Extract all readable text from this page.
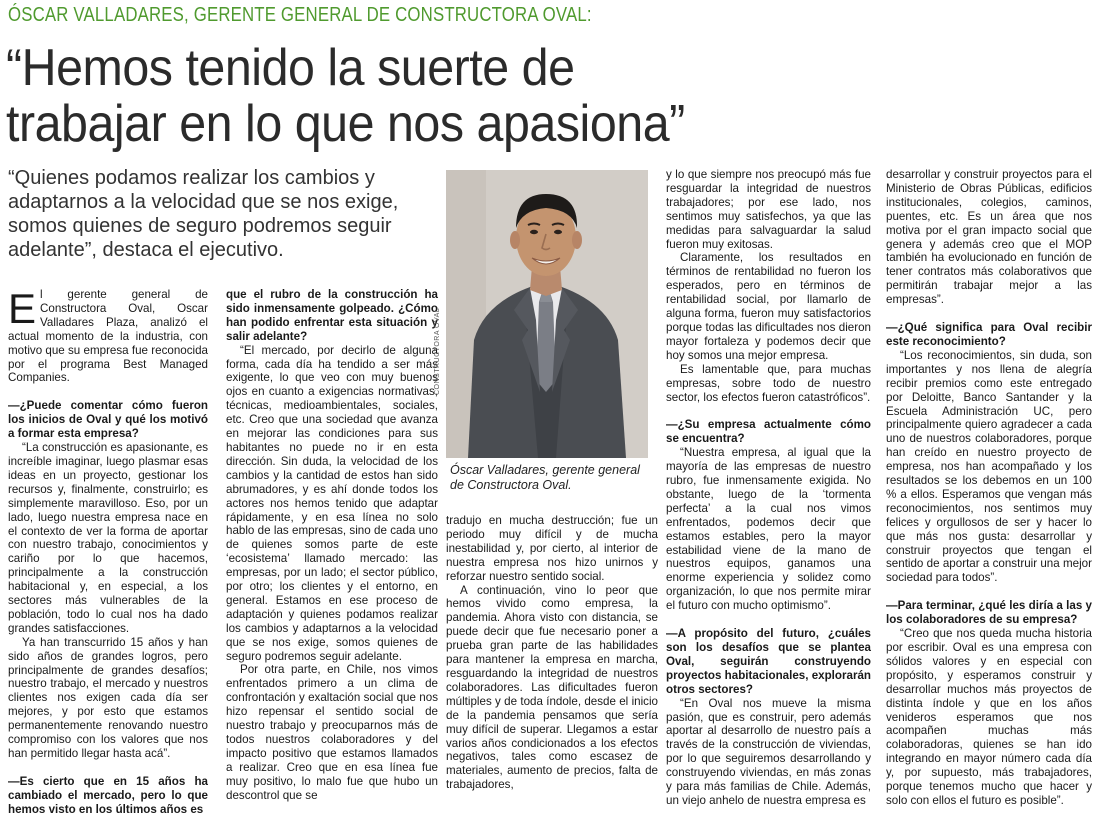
ÓSCAR VALLADARES, GERENTE GENERAL DE CONSTRUCTORA OVAL:
“Hemos tenido la suerte de
trabajar en lo que nos apasiona”
“Quienes podamos realizar los cambios y adaptarnos a la velocidad que se nos exige, somos quienes de seguro podremos seguir adelante”, destaca el ejecutivo.

El gerente general de Constructora Oval, Oscar Valladares Plaza, analizó el actual momento de la industria, con motivo que su empresa fue reconocida por el programa Best Managed Companies.

—¿Puede comentar cómo fueron los inicios de Oval y qué los motivó a formar esta empresa?

“La construcción es apasionante, es increíble imaginar, luego plasmar esas ideas en un proyecto, gestionar los recursos y, finalmente, construirlo; es simplemente maravilloso. Eso, por un lado, luego nuestra empresa nace en el contexto de ver la forma de aportar con nuestro trabajo, conocimientos y cariño por lo que hacemos, principalmente a la construcción habitacional y, en especial, a los sectores más vulnerables de la población, todo lo cual nos ha dado grandes satisfacciones.

Ya han transcurrido 15 años y han sido años de grandes logros, pero principalmente de grandes desafíos; nuestro trabajo, el mercado y nuestros clientes nos exigen cada día ser mejores, y por esto que estamos permanentemente renovando nuestro compromiso con los valores que nos han permitido llegar hasta acá”.

—Es cierto que en 15 años ha cambiado el mercado, pero lo que hemos visto en los últimos años es

que el rubro de la construcción ha sido inmensamente golpeado. ¿Cómo han podido enfrentar esta situación y salir adelante?

“El mercado, por decirlo de alguna forma, cada día ha tendido a ser más exigente, lo que veo con muy buenos ojos en cuanto a exigencias normativas, técnicas, medioambientales, sociales, etc. Creo que una sociedad que avanza en mejorar las condiciones para sus habitantes no puede no ir en esta dirección. Sin duda, la velocidad de los cambios y la cantidad de estos han sido abrumadores, y es ahí donde todos los actores nos hemos tenido que adaptar rápidamente, y en esa línea no solo hablo de las empresas, sino de cada uno de quienes somos parte de este ‘ecosistema’ llamado mercado: las empresas, por un lado; el sector público, por otro; los clientes y el entorno, en general. Estamos en ese proceso de adaptación y quienes podamos realizar los cambios y adaptarnos a la velocidad que se nos exige, somos quienes de seguro podremos seguir adelante.

Por otra parte, en Chile, nos vimos enfrentados primero a un clima de confrontación y exaltación social que nos hizo repensar el sentido social de nuestro trabajo y preocuparnos más de todos nuestros colaboradores y del impacto positivo que estamos llamados a realizar. Creo que en esa línea fue muy positivo, lo malo fue que hubo un descontrol que se

CONSTRUCTORA OVAL
Óscar Valladares, gerente general de Constructora Oval.

tradujo en mucha destrucción; fue un periodo muy difícil y de mucha inestabilidad y, por cierto, al interior de nuestra empresa nos hizo unirnos y reforzar nuestro sentido social.

A continuación, vino lo peor que hemos vivido como empresa, la pandemia. Ahora visto con distancia, se puede decir que fue necesario poner a prueba gran parte de las habilidades para mantener la empresa en marcha, resguardando la integridad de nuestros colaboradores. Las dificultades fueron múltiples y de toda índole, desde el inicio de la pandemia pensamos que sería muy difícil de superar. Llegamos a estar varios años condicionados a los efectos negativos, tales como escasez de materiales, aumento de precios, falta de trabajadores,

y lo que siempre nos preocupó más fue resguardar la integridad de nuestros trabajadores; por ese lado, nos sentimos muy satisfechos, ya que las medidas para salvaguardar la salud fueron muy exitosas.

Claramente, los resultados en términos de rentabilidad no fueron los esperados, pero en términos de rentabilidad social, por llamarlo de alguna forma, fueron muy satisfactorios porque todas las dificultades nos dieron mayor fortaleza y podemos decir que hoy somos una mejor empresa.

Es lamentable que, para muchas empresas, sobre todo de nuestro sector, los efectos fueron catastróficos”.

—¿Su empresa actualmente cómo se encuentra?

“Nuestra empresa, al igual que la mayoría de las empresas de nuestro rubro, fue inmensamente exigida. No obstante, luego de la ‘tormenta perfecta’ a la cual nos vimos enfrentados, podemos decir que estamos estables, pero la mayor estabilidad viene de la mano de nuestros equipos, ganamos una enorme experiencia y solidez como organización, lo que nos permite mirar el futuro con mucho optimismo”.

—A propósito del futuro, ¿cuáles son los desafíos que se plantea Oval, seguirán construyendo proyectos habitacionales, explorarán otros sectores?

“En Oval nos mueve la misma pasión, que es construir, pero además aportar al desarrollo de nuestro país a través de la construcción de viviendas, por lo que seguiremos desarrollando y construyendo viviendas, en más zonas y para más familias de Chile. Además, un viejo anhelo de nuestra empresa es

desarrollar y construir proyectos para el Ministerio de Obras Públicas, edificios institucionales, colegios, caminos, puentes, etc. Es un área que nos motiva por el gran impacto social que genera y además creo que el MOP también ha evolucionado en función de tener contratos más colaborativos que permitirán trabajar mejor a las empresas”.

—¿Qué significa para Oval recibir este reconocimiento?

“Los reconocimientos, sin duda, son importantes y nos llena de alegría recibir premios como este entregado por Deloitte, Banco Santander y la Escuela Administración UC, pero principalmente quiero agradecer a cada uno de nuestros colaboradores, porque han creído en nuestro proyecto de empresa, nos han acompañado y los resultados se los debemos en un 100 % a ellos. Esperamos que vengan más reconocimientos, nos sentimos muy felices y orgullosos de ser y hacer lo que más nos gusta: desarrollar y construir proyectos que tengan el sentido de aportar a construir una mejor sociedad para todos”.

—Para terminar, ¿qué les diría a las y los colaboradores de su empresa?

“Creo que nos queda mucha historia por escribir. Oval es una empresa con sólidos valores y en especial con propósito, y esperamos construir y desarrollar muchos más proyectos de distinta índole y que en los años venideros esperamos que nos acompañen muchas más colaboradoras, quienes se han ido integrando en mayor número cada día y, por supuesto, más trabajadores, porque tenemos mucho que hacer y solo con ellos el futuro es posible”.
